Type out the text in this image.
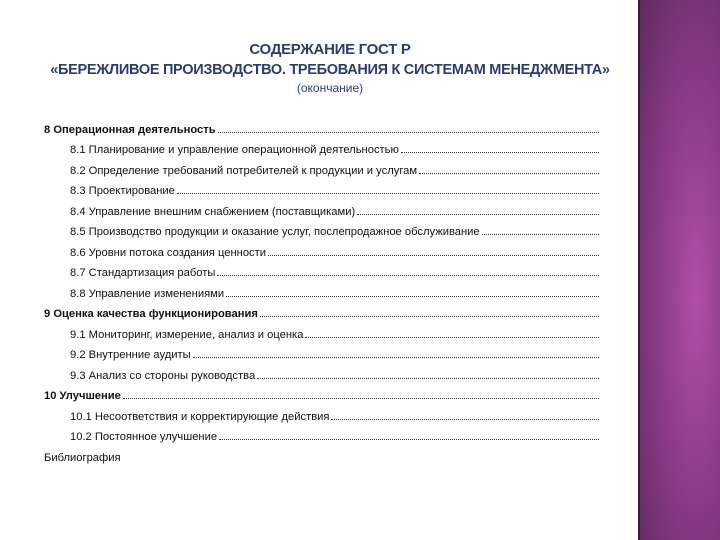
СОДЕРЖАНИЕ ГОСТ Р
«БЕРЕЖЛИВОЕ ПРОИЗВОДСТВО. ТРЕБОВАНИЯ К СИСТЕМАМ МЕНЕДЖМЕНТА»
(окончание)
8 Операционная деятельность
8.1 Планирование и управление операционной деятельностью
8.2 Определение требований потребителей к продукции и услугам
8.3 Проектирование
8.4 Управление внешним снабжением (поставщиками)
8.5 Производство продукции и оказание услуг, послепродажное обслуживание
8.6 Уровни потока создания ценности
8.7 Стандартизация работы
8.8 Управление изменениями
9 Оценка качества функционирования
9.1 Мониторинг, измерение, анализ и оценка
9.2 Внутренние аудиты
9.3 Анализ со стороны руководства
10 Улучшение
10.1 Несоответствия и корректирующие действия
10.2 Постоянное улучшение
Библиография
